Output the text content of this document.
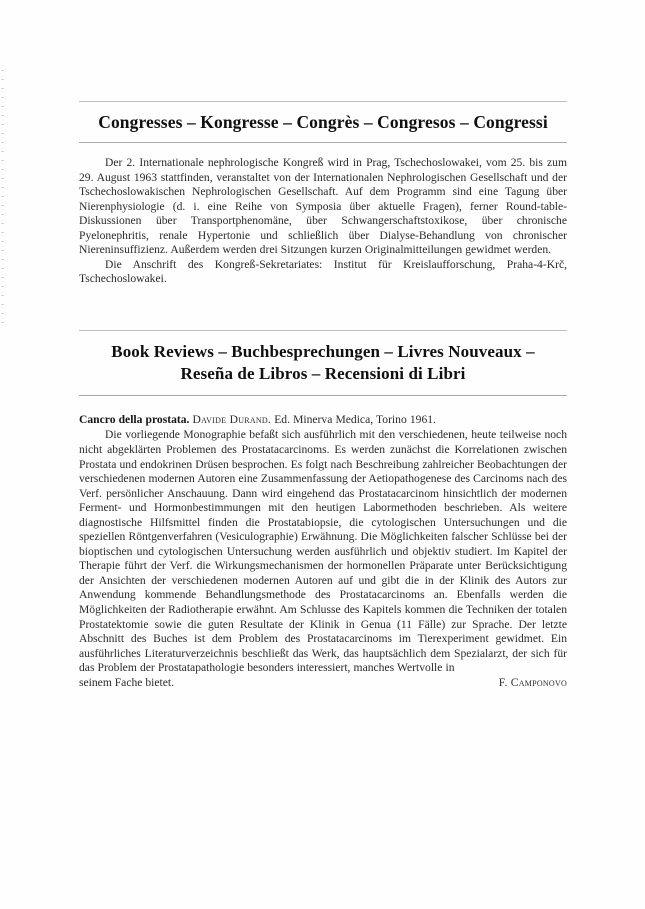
Congresses – Kongresse – Congrès – Congresos – Congressi

Der 2. Internationale nephrologische Kongreß wird in Prag, Tschechoslowakei, vom 25. bis zum 29. August 1963 stattfinden, veranstaltet von der Internationalen Nephrologischen Gesellschaft und der Tschechoslowakischen Nephrologischen Gesellschaft. Auf dem Programm sind eine Tagung über Nierenphysiologie (d. i. eine Reihe von Symposia über aktuelle Fragen), ferner Round-table-Diskussionen über Transportphenomäne, über Schwangerschaftstoxikose, über chronische Pyelonephritis, renale Hypertonie und schließlich über Dialyse-Behandlung von chronischer Niereninsuffizienz. Außerdem werden drei Sitzungen kurzen Originalmitteilungen gewidmet werden.

Die Anschrift des Kongreß-Sekretariates: Institut für Kreislaufforschung, Praha-4-Krč, Tschechoslowakei.

Book Reviews – Buchbesprechungen – Livres Nouveaux –
Reseña de Libros – Recensioni di Libri

Cancro della prostata. Davide Durand. Ed. Minerva Medica, Torino 1961.

Die vorliegende Monographie befaßt sich ausführlich mit den verschiedenen, heute teilweise noch nicht abgeklärten Problemen des Prostatacarcinoms. Es werden zunächst die Korrelationen zwischen Prostata und endokrinen Drüsen besprochen. Es folgt nach Beschreibung zahlreicher Beobachtungen der verschiedenen modernen Autoren eine Zusammenfassung der Aetiopathogenese des Carcinoms nach des Verf. persönlicher Anschauung. Dann wird eingehend das Prostatacarcinom hinsichtlich der modernen Ferment- und Hormonbestimmungen mit den heutigen Labormethoden beschrieben. Als weitere diagnostische Hilfsmittel finden die Prostatabiopsie, die cytologischen Untersuchungen und die speziellen Röntgenverfahren (Vesiculographie) Erwähnung. Die Möglichkeiten falscher Schlüsse bei der bioptischen und cytologischen Untersuchung werden ausführlich und objektiv studiert. Im Kapitel der Therapie führt der Verf. die Wirkungsmechanismen der hormonellen Präparate unter Berücksichtigung der Ansichten der verschiedenen modernen Autoren auf und gibt die in der Klinik des Autors zur Anwendung kommende Behandlungsmethode des Prostatacarcinoms an. Ebenfalls werden die Möglichkeiten der Radiotherapie erwähnt. Am Schlusse des Kapitels kommen die Techniken der totalen Prostatektomie sowie die guten Resultate der Klinik in Genua (11 Fälle) zur Sprache. Der letzte Abschnitt des Buches ist dem Problem des Prostatacarcinoms im Tierexperiment gewidmet. Ein ausführliches Literaturverzeichnis beschließt das Werk, das hauptsächlich dem Spezialarzt, der sich für das Problem der Prostatapathologie besonders interessiert, manches Wertvolle in

seinem Fache bietet.	F. Camponovo
